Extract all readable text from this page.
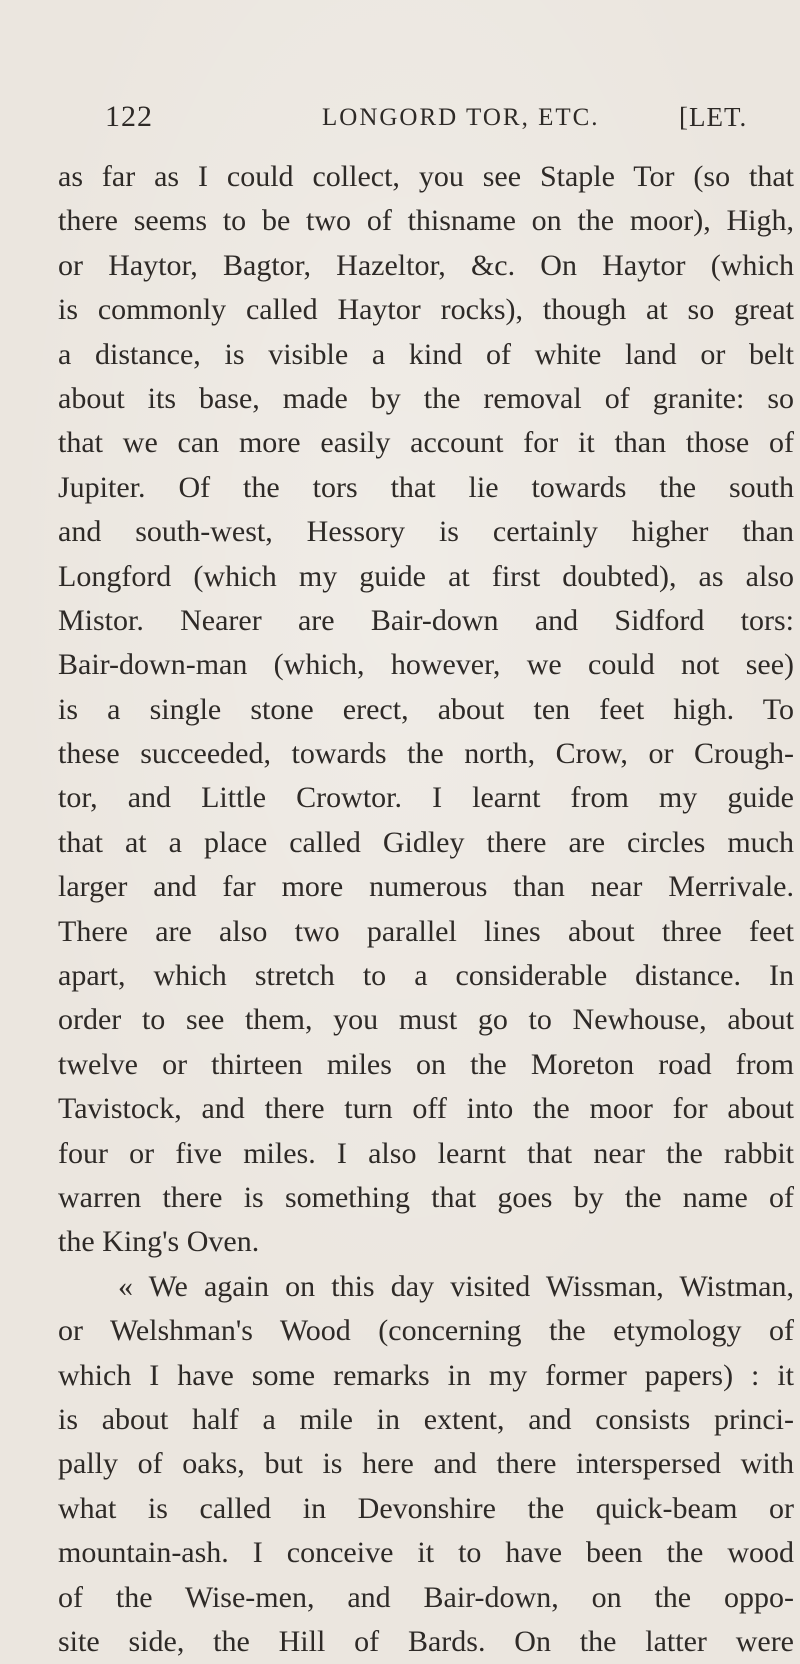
122	LONGORD TOR, ETC.	[LET.
as far as I could collect, you see Staple Tor (so that
there seems to be two of thisname on the moor), High,
or Haytor, Bagtor, Hazeltor, &c. On Haytor (which
is commonly called Haytor rocks), though at so great
a distance, is visible a kind of white land or belt
about its base, made by the removal of granite: so
that we can more easily account for it than those of
Jupiter. Of the tors that lie towards the south
and south-west, Hessory is certainly higher than
Longford (which my guide at first doubted), as also
Mistor. Nearer are Bair-down and Sidford tors:
Bair-down-man (which, however, we could not see)
is a single stone erect, about ten feet high. To
these succeeded, towards the north, Crow, or Crough-
tor, and Little Crowtor. I learnt from my guide
that at a place called Gidley there are circles much
larger and far more numerous than near Merrivale.
There are also two parallel lines about three feet
apart, which stretch to a considerable distance. In
order to see them, you must go to Newhouse, about
twelve or thirteen miles on the Moreton road from
Tavistock, and there turn off into the moor for about
four or five miles. I also learnt that near the rabbit
warren there is something that goes by the name of
the King's Oven.
« We again on this day visited Wissman, Wistman,
or Welshman's Wood (concerning the etymology of
which I have some remarks in my former papers) : it
is about half a mile in extent, and consists princi-
pally of oaks, but is here and there interspersed with
what is called in Devonshire the quick-beam or
mountain-ash. I conceive it to have been the wood
of the Wise-men, and Bair-down, on the oppo-
site side, the Hill of Bards. On the latter were
